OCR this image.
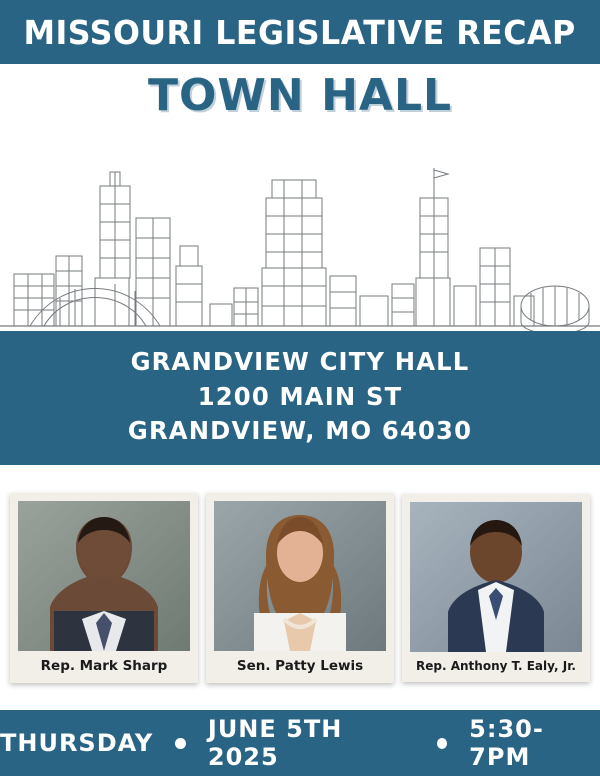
MISSOURI LEGISLATIVE RECAP
TOWN HALL
GRANDVIEW CITY HALL
1200 MAIN ST
GRANDVIEW, MO 64030
Rep. Mark Sharp	Sen. Patty Lewis	Rep. Anthony T. Ealy, Jr.
THURSDAY JUNE 5TH 2025
5:30-7PM
